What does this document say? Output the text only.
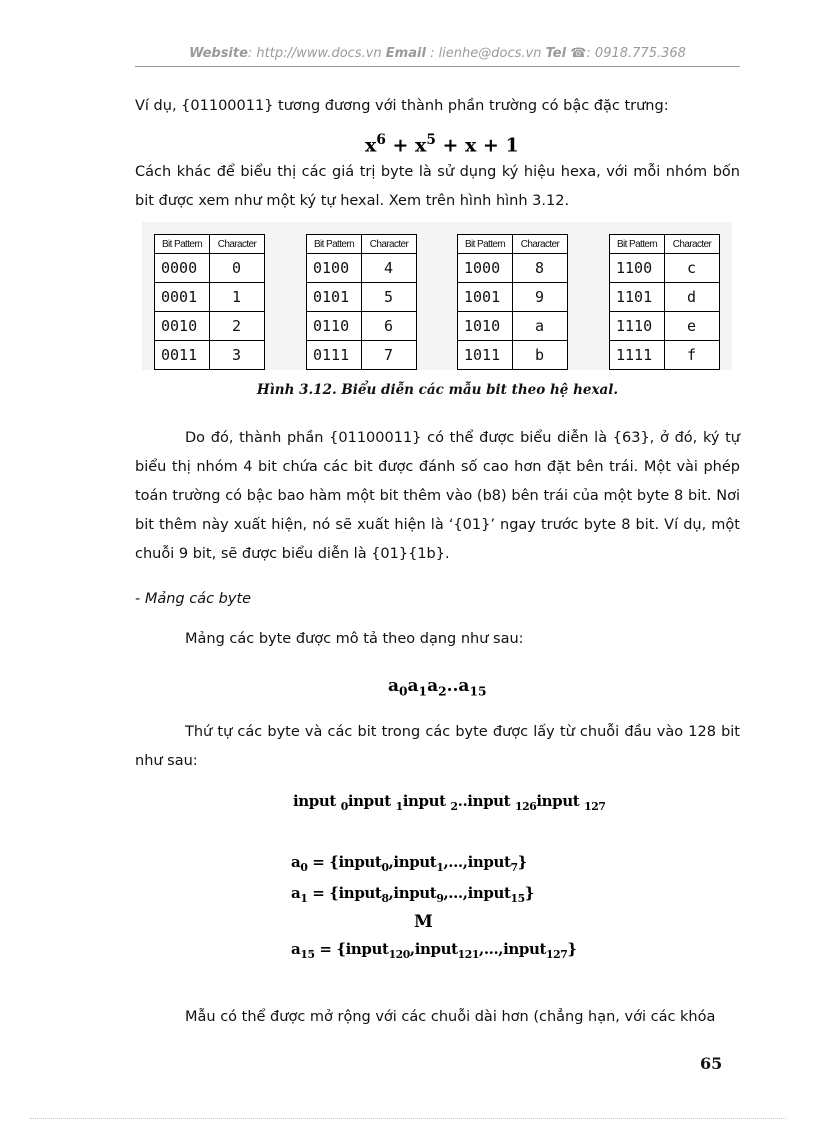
Website: http://www.docs.vn Email : lienhe@docs.vn Tel ☎: 0918.775.368
Ví dụ, {01100011} tương đương với thành phần trường có bậc đặc trưng:
$x^6 + x^5 + x + 1$
Cách khác để biểu thị các giá trị byte là sử dụng ký hiệu hexa, với mỗi nhóm bốn bit được xem như một ký tự hexal. Xem trên hình hình 3.12.
Bit Pattern	Character
0000	0
0001	1
0010	2
0011	3
Bit Pattern	Character
0100	4
0101	5
0110	6
0111	7
Bit Pattern	Character
1000	8
1001	9
1010	a
1011	b
Bit Pattern	Character
1100	c
1101	d
1110	e
1111	f
Hình 3.12. Biểu diễn các mẫu bit theo hệ hexal.
Do đó, thành phần {01100011} có thể được biểu diễn là {63}, ở đó, ký tự biểu thị nhóm 4 bit chứa các bit được đánh số cao hơn đặt bên trái. Một vài phép toán trường có bậc bao hàm một bit thêm vào (b8) bên trái của một byte 8 bit. Nơi bit thêm này xuất hiện, nó sẽ xuất hiện là ‘{01}’ ngay trước byte 8 bit. Ví dụ, một chuỗi 9 bit, sẽ được biểu diễn là {01}{1b}.
- Mảng các byte
Mảng các byte được mô tả theo dạng như sau:
$a_0a_1a_2..a_{15}$
Thứ tự các byte và các bit trong các byte được lấy từ chuỗi đầu vào 128 bit như sau:
input $_0$input $_1$input $_2$..input $_{126}$input $_{127}$
$a_0$ = {input$_0$,input$_1$,...,input$_7$}
$a_1$ = {input$_8$,input$_9$,...,input$_{15}$}
M
$a_{15}$ = {input$_{120}$,input$_{121}$,...,input$_{127}$}
Mẫu có thể được mở rộng với các chuỗi dài hơn (chẳng hạn, với các khóa
65
